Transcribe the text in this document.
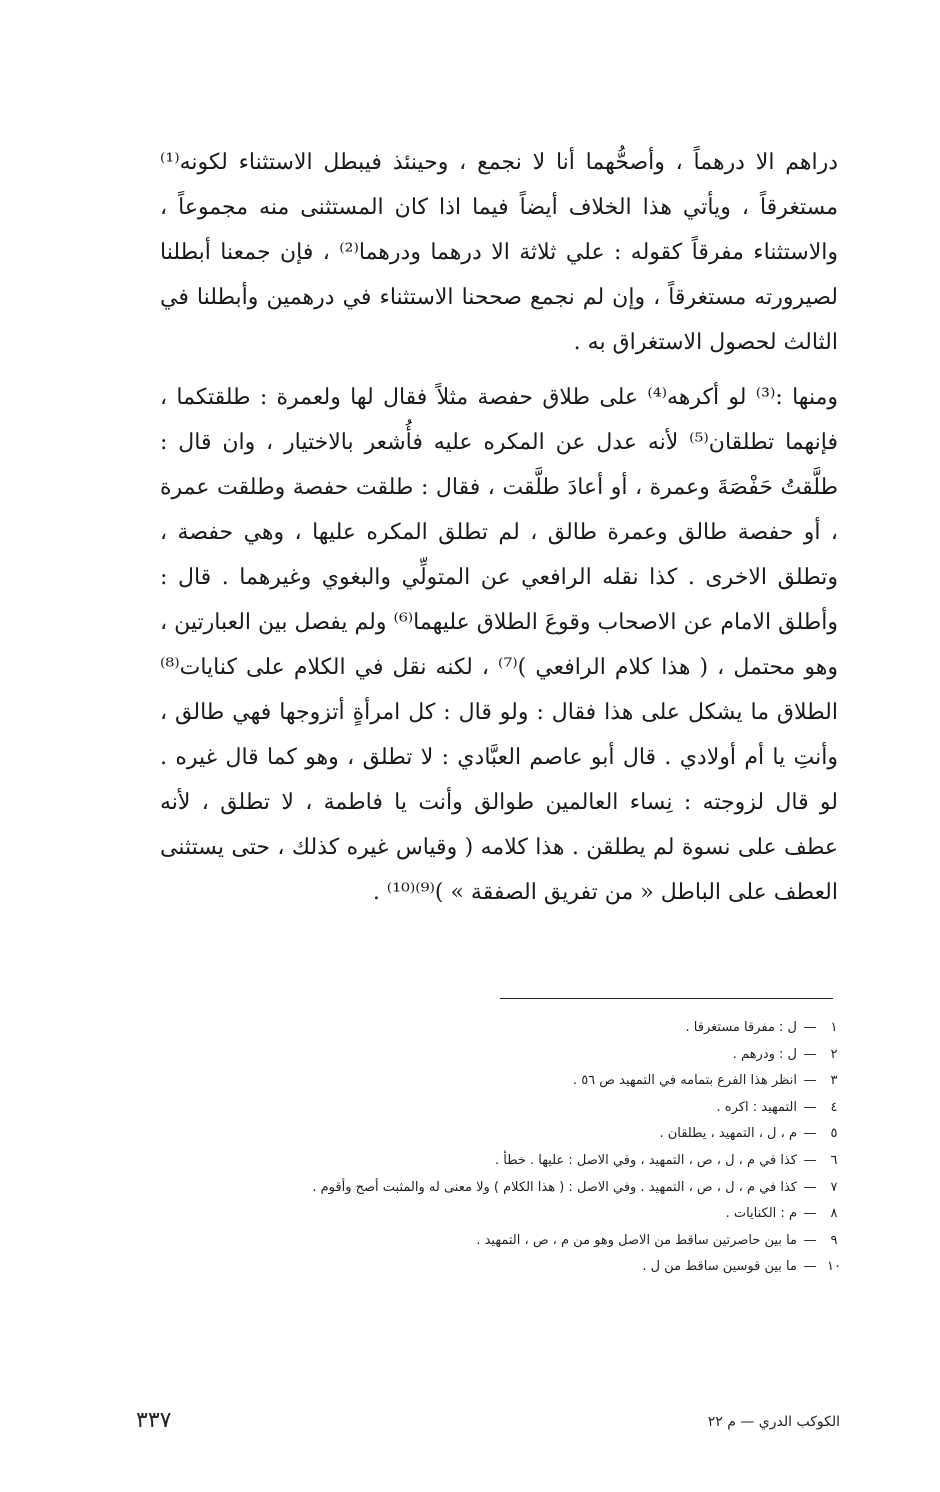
دراهم الا درهماً ، وأصحُّهما أنا لا نجمع ، وحينئذ فيبطل الاستثناء لكونه⁽¹⁾ مستغرقاً ، ويأتي هذا الخلاف أيضاً فيما اذا كان المستثنى منه مجموعاً ، والاستثناء مفرقاً كقوله : علي ثلاثة الا درهما ودرهما⁽²⁾ ، فإن جمعنا أبطلنا لصيرورته مستغرقاً ، وإن لم نجمع صححنا الاستثناء في درهمين وأبطلنا في الثالث لحصول الاستغراق به .

ومنها :⁽³⁾ لو أكرهه⁽⁴⁾ على طلاق حفصة مثلاً فقال لها ولعمرة : طلقتكما ، فإنهما تطلقان⁽⁵⁾ لأنه عدل عن المكره عليه فأُشعر بالاختيار ، وان قال : طلَّقتُ حَفْصَةَ وعمرة ، أو أعادَ طلَّقت ، فقال : طلقت حفصة وطلقت عمرة ، أو حفصة طالق وعمرة طالق ، لم تطلق المكره عليها ، وهي حفصة ، وتطلق الاخرى . كذا نقله الرافعي عن المتولِّي والبغوي وغيرهما . قال : وأطلق الامام عن الاصحاب وقوعَ الطلاق عليهما⁽⁶⁾ ولم يفصل بين العبارتين ، وهو محتمل ، ( هذا كلام الرافعي )⁽⁷⁾ ، لكنه نقل في الكلام على كنايات⁽⁸⁾ الطلاق ما يشكل على هذا فقال : ولو قال : كل امرأةٍ أتزوجها فهي طالق ، وأنتِ يا أم أولادي . قال أبو عاصم العبَّادي : لا تطلق ، وهو كما قال غيره . لو قال لزوجته : نِساء العالمين طوالق وأنت يا فاطمة ، لا تطلق ، لأنه عطف على نسوة لم يطلقن . هذا كلامه ( وقياس غيره كذلك ، حتى يستثنى العطف على الباطل « من تفريق الصفقة » )⁽⁹⁾⁽¹⁰⁾ .

١
—
ل : مفرقا مستغرقا .
٢
—
ل : ودرهم .
٣
—
انظر هذا الفرع بتمامه في التمهيد ص ٥٦ .
٤
—
التمهيد : اكره .
٥
—
م ، ل ، التمهيد ، يطلقان .
٦
—
كذا في م ، ل ، ص ، التمهيد ، وفي الاصل : عليها . خطأ .
٧
—
كذا في م ، ل ، ص ، التمهيد . وفي الاصل : ( هذا الكلام ) ولا معنى له والمثبت أصح وأقوم .
٨
—
م : الكنايات .
٩
—
ما بين حاصرتين ساقط من الاصل وهو من م ، ص ، التمهيد .
١٠
—
ما بين قوسين ساقط من ل .
الكوكب الدري — م ٢٢
٣٣٧
